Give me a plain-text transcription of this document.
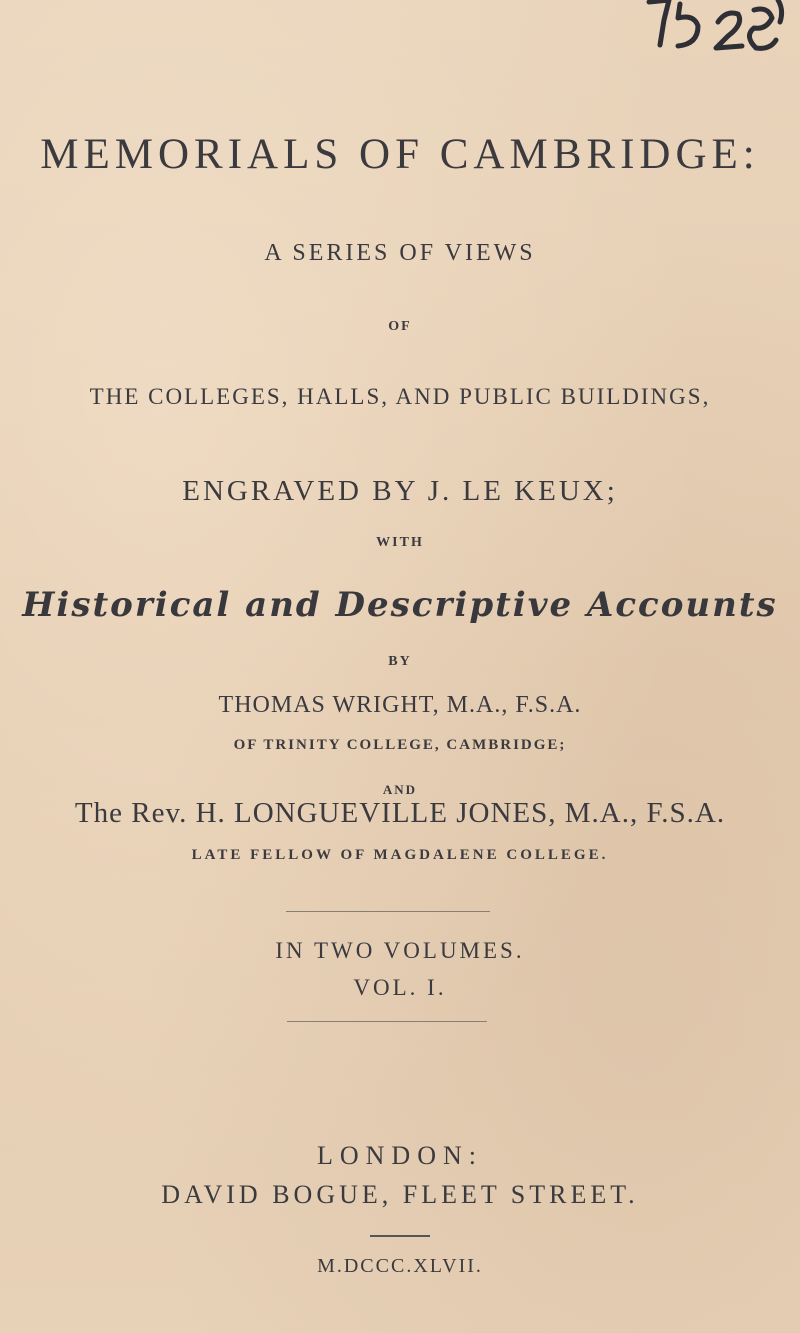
MEMORIALS OF CAMBRIDGE:
A SERIES OF VIEWS
OF
THE COLLEGES, HALLS, AND PUBLIC BUILDINGS,
ENGRAVED BY J. LE KEUX;
WITH
Historical and Descriptive Accounts
BY
THOMAS WRIGHT, M.A., F.S.A.
OF TRINITY COLLEGE, CAMBRIDGE;
AND
The Rev. H. LONGUEVILLE JONES, M.A., F.S.A.
LATE FELLOW OF MAGDALENE COLLEGE.
IN TWO VOLUMES.
VOL. I.
LONDON:
DAVID BOGUE, FLEET STREET.
M.DCCC.XLVII.
